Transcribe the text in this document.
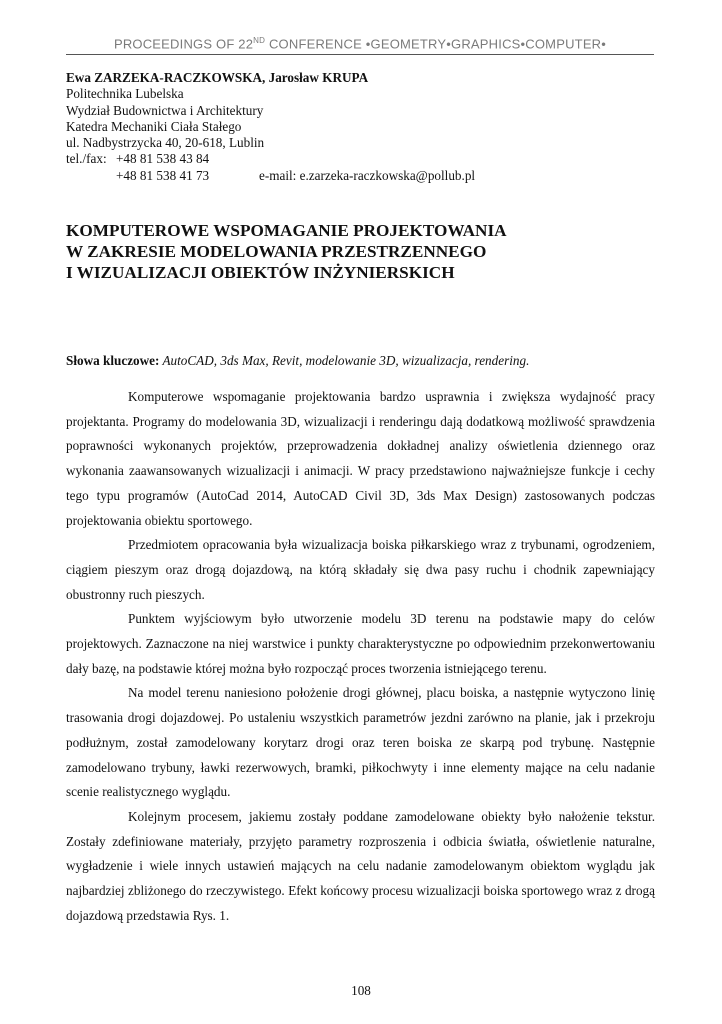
PROCEEDINGS OF 22ND CONFERENCE •GEOMETRY•GRAPHICS•COMPUTER•
Ewa ZARZEKA-RACZKOWSKA, Jarosław KRUPA
Politechnika Lubelska
Wydział Budownictwa i Architektury
Katedra Mechaniki Ciała Stałego
ul. Nadbystrzycka 40, 20-618, Lublin
tel./fax: +48 81 538 43 84
+48 81 538 41 73	e-mail: e.zarzeka-raczkowska@pollub.pl
KOMPUTEROWE WSPOMAGANIE PROJEKTOWANIA
W ZAKRESIE MODELOWANIA PRZESTRZENNEGO
I WIZUALIZACJI OBIEKTÓW INŻYNIERSKICH
Słowa kluczowe: AutoCAD, 3ds Max, Revit, modelowanie 3D, wizualizacja, rendering.

Komputerowe wspomaganie projektowania bardzo usprawnia i zwiększa wydajność pracy projektanta. Programy do modelowania 3D, wizualizacji i renderingu dają dodatkową możliwość sprawdzenia poprawności wykonanych projektów, przeprowadzenia dokładnej analizy oświetlenia dziennego oraz wykonania zaawansowanych wizualizacji i animacji. W pracy przedstawiono najważniejsze funkcje i cechy tego typu programów (AutoCad 2014, AutoCAD Civil 3D, 3ds Max Design) zastosowanych podczas projektowania obiektu sportowego.

Przedmiotem opracowania była wizualizacja boiska piłkarskiego wraz z trybunami, ogrodzeniem, ciągiem pieszym oraz drogą dojazdową, na którą składały się dwa pasy ruchu i chodnik zapewniający obustronny ruch pieszych.

Punktem wyjściowym było utworzenie modelu 3D terenu na podstawie mapy do celów projektowych. Zaznaczone na niej warstwice i punkty charakterystyczne po odpowiednim przekonwertowaniu dały bazę, na podstawie której można było rozpocząć proces tworzenia istniejącego terenu.

Na model terenu naniesiono położenie drogi głównej, placu boiska, a następnie wytyczono linię trasowania drogi dojazdowej. Po ustaleniu wszystkich parametrów jezdni zarówno na planie, jak i przekroju podłużnym, został zamodelowany korytarz drogi oraz teren boiska ze skarpą pod trybunę. Następnie zamodelowano trybuny, ławki rezerwowych, bramki, piłkochwyty i inne elementy mające na celu nadanie scenie realistycznego wyglądu.

Kolejnym procesem, jakiemu zostały poddane zamodelowane obiekty było nałożenie tekstur. Zostały zdefiniowane materiały, przyjęto parametry rozproszenia i odbicia światła, oświetlenie naturalne, wygładzenie i wiele innych ustawień mających na celu nadanie zamodelowanym obiektom wyglądu jak najbardziej zbliżonego do rzeczywistego. Efekt końcowy procesu wizualizacji boiska sportowego wraz z drogą dojazdową przedstawia Rys. 1.

108
